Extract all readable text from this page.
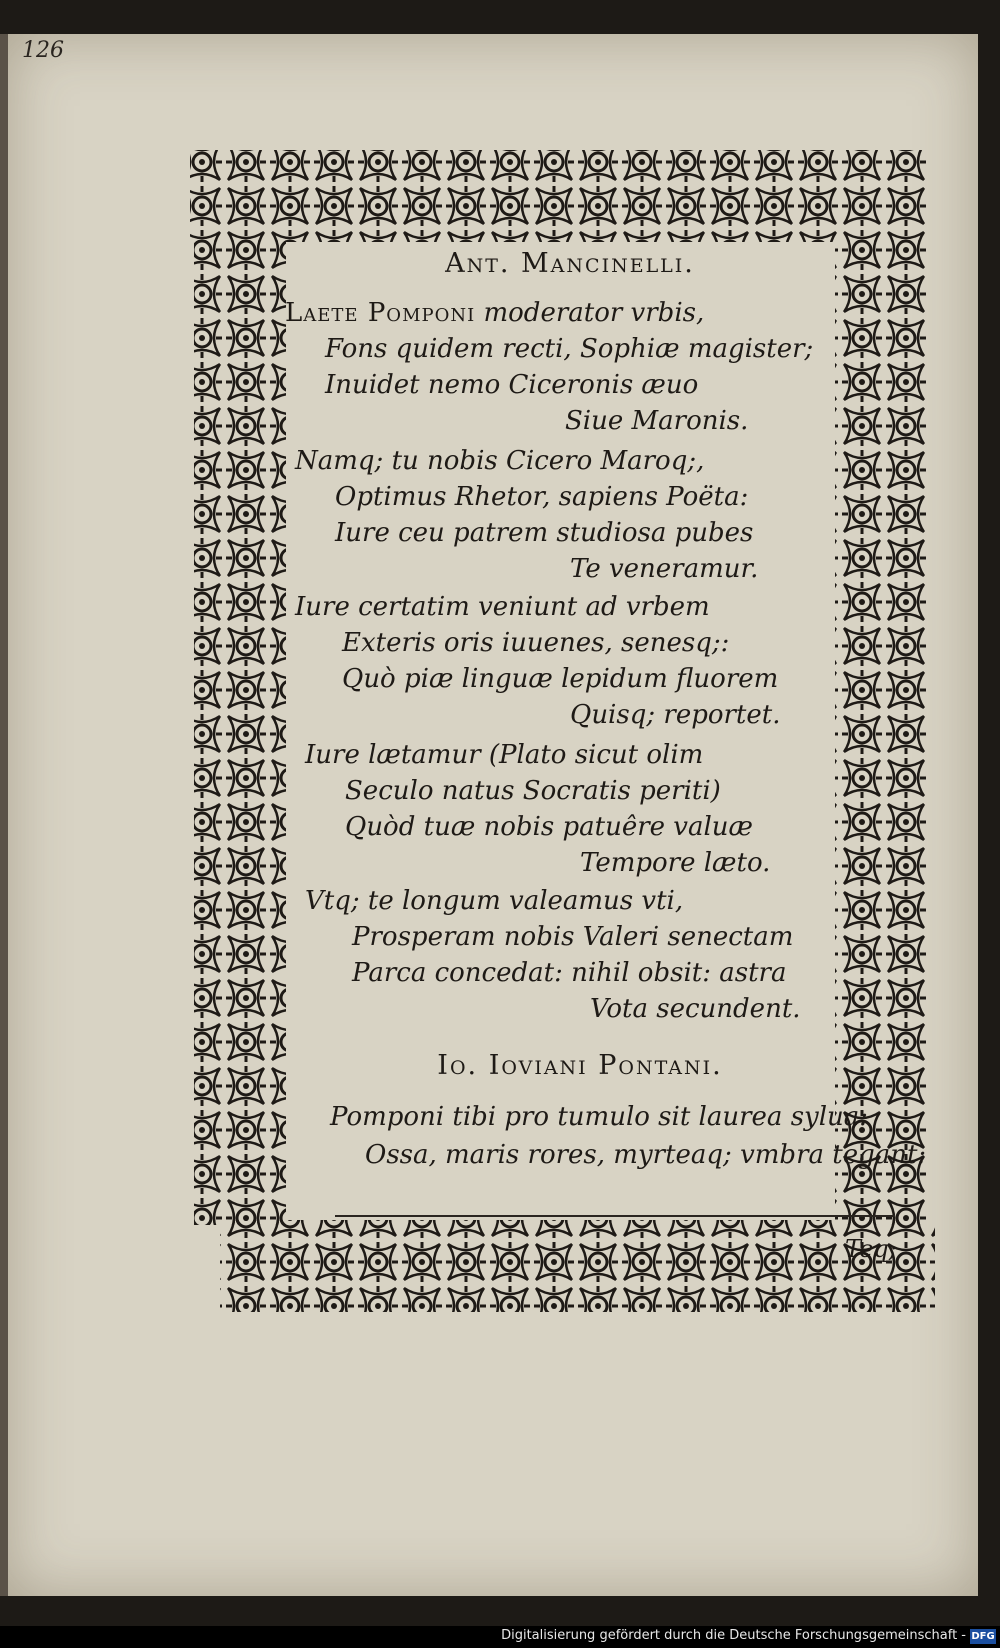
126
Ant. Mancinelli.
Laete Pomponi moderator vrbis,
Fons quidem recti, Sophiæ magister;
Inuidet nemo Ciceronis æuo
Siue Maronis.
Namq; tu nobis Cicero Maroq;,
Optimus Rhetor, sapiens Poëta:
Iure ceu patrem studiosa pubes
Te veneramur.
Iure certatim veniunt ad vrbem
Exteris oris iuuenes, senesq;:
Quò piæ linguæ lepidum fluorem
Quisq; reportet.
Iure lætamur (Plato sicut olim
Seculo natus Socratis periti)
Quòd tuæ nobis patuêre valuæ
Tempore læto.
Vtq; te longum valeamus vti,
Prosperam nobis Valeri senectam
Parca concedat: nihil obsit: astra
Vota secundent.
Io. Ioviani Pontani.
Pomponi tibi pro tumulo sit laurea sylua:
Ossa, maris rores, myrteaq; vmbra tegant:
Teq;
Digitalisierung gefördert durch die Deutsche Forschungsgemeinschaft - DFG
